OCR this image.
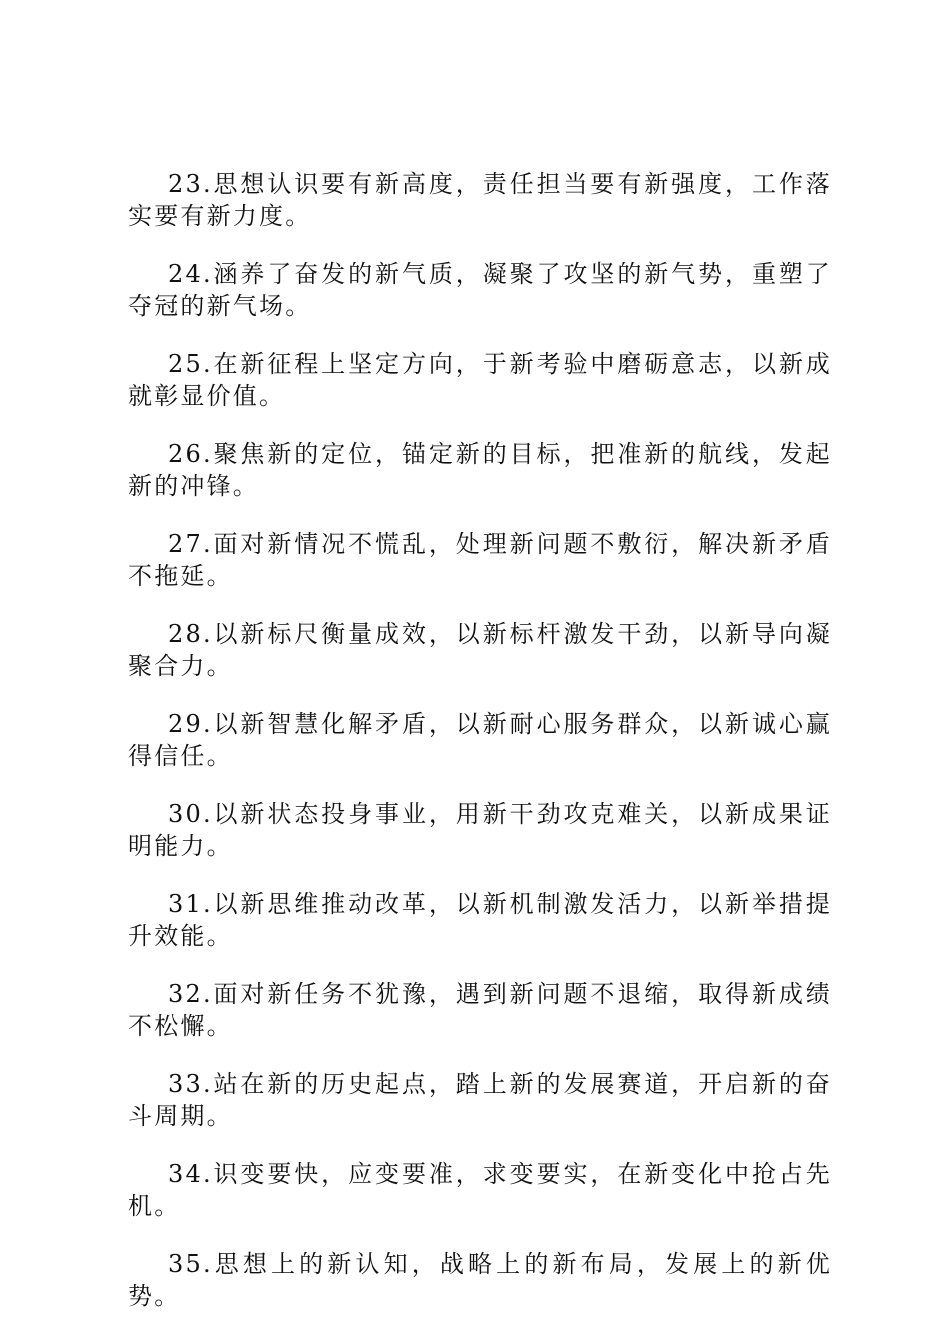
23.思想认识要有新高度，责任担当要有新强度，工作落实要有新力度。

24.涵养了奋发的新气质，凝聚了攻坚的新气势，重塑了夺冠的新气场。

25.在新征程上坚定方向，于新考验中磨砺意志，以新成就彰显价值。

26.聚焦新的定位，锚定新的目标，把准新的航线，发起新的冲锋。

27.面对新情况不慌乱，处理新问题不敷衍，解决新矛盾不拖延。

28.以新标尺衡量成效，以新标杆激发干劲，以新导向凝聚合力。

29.以新智慧化解矛盾，以新耐心服务群众，以新诚心赢得信任。

30.以新状态投身事业，用新干劲攻克难关，以新成果证明能力。

31.以新思维推动改革，以新机制激发活力，以新举措提升效能。

32.面对新任务不犹豫，遇到新问题不退缩，取得新成绩不松懈。

33.站在新的历史起点，踏上新的发展赛道，开启新的奋斗周期。

34.识变要快，应变要准，求变要实，在新变化中抢占先机。

35.思想上的新认知，战略上的新布局，发展上的新优势。
